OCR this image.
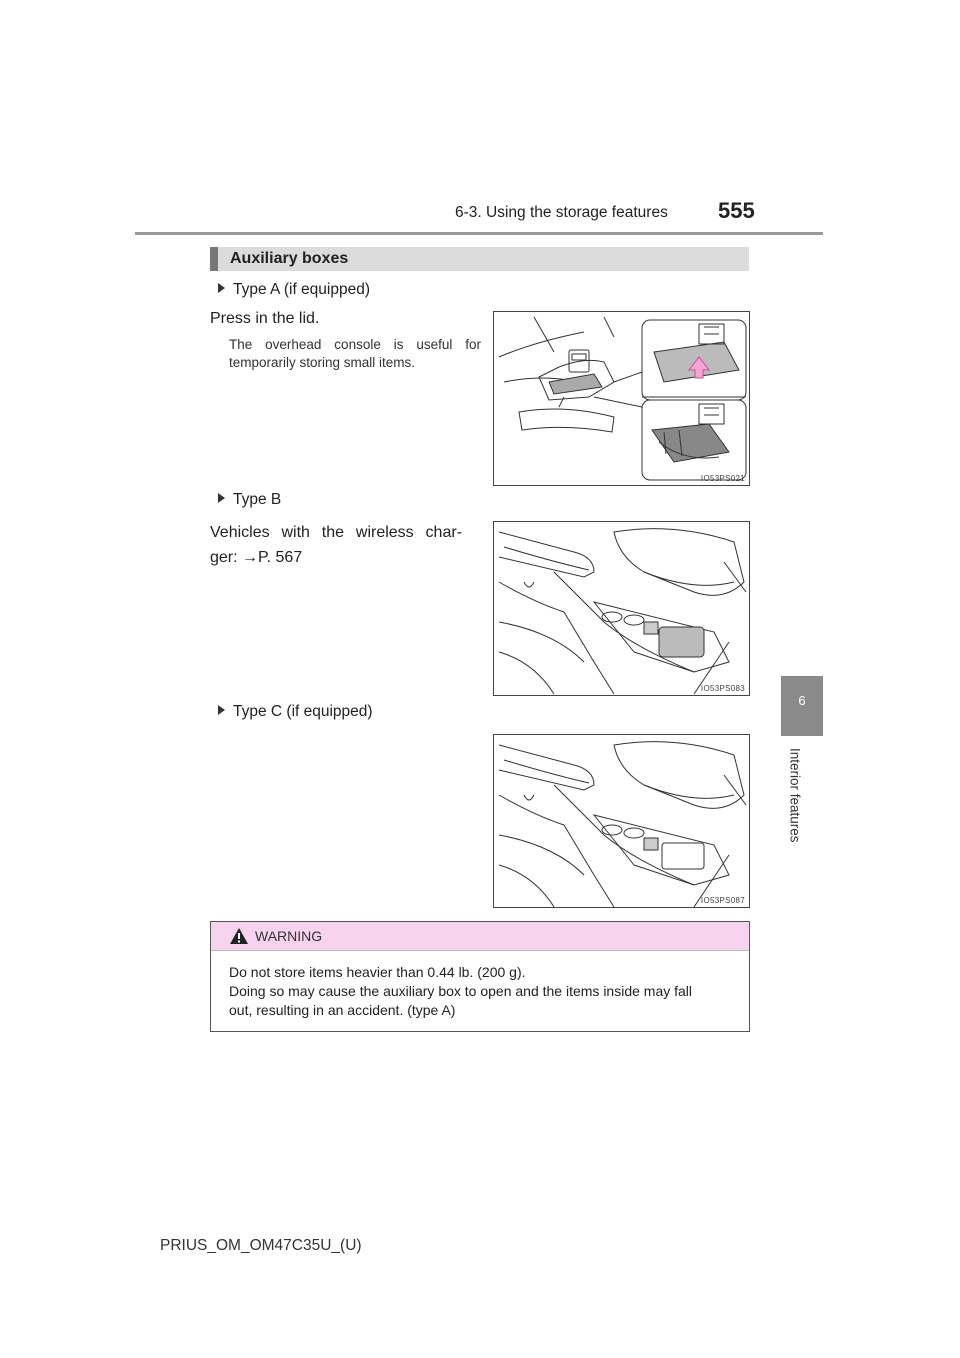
6-3. Using the storage features 555
6
Interior features
Auxiliary boxes
Type A (if equipped)
Press in the lid.
The overhead console is useful for
temporarily storing small items.
IO53PS021
Type B
Vehicles with the wireless char-
ger: →P. 567
IO53PS083
Type C (if equipped)
IO53PS087
WARNING
Do not store items heavier than 0.44 lb. (200 g).
Doing so may cause the auxiliary box to open and the items inside may fall
out, resulting in an accident. (type A)
PRIUS_OM_OM47C35U_(U)
